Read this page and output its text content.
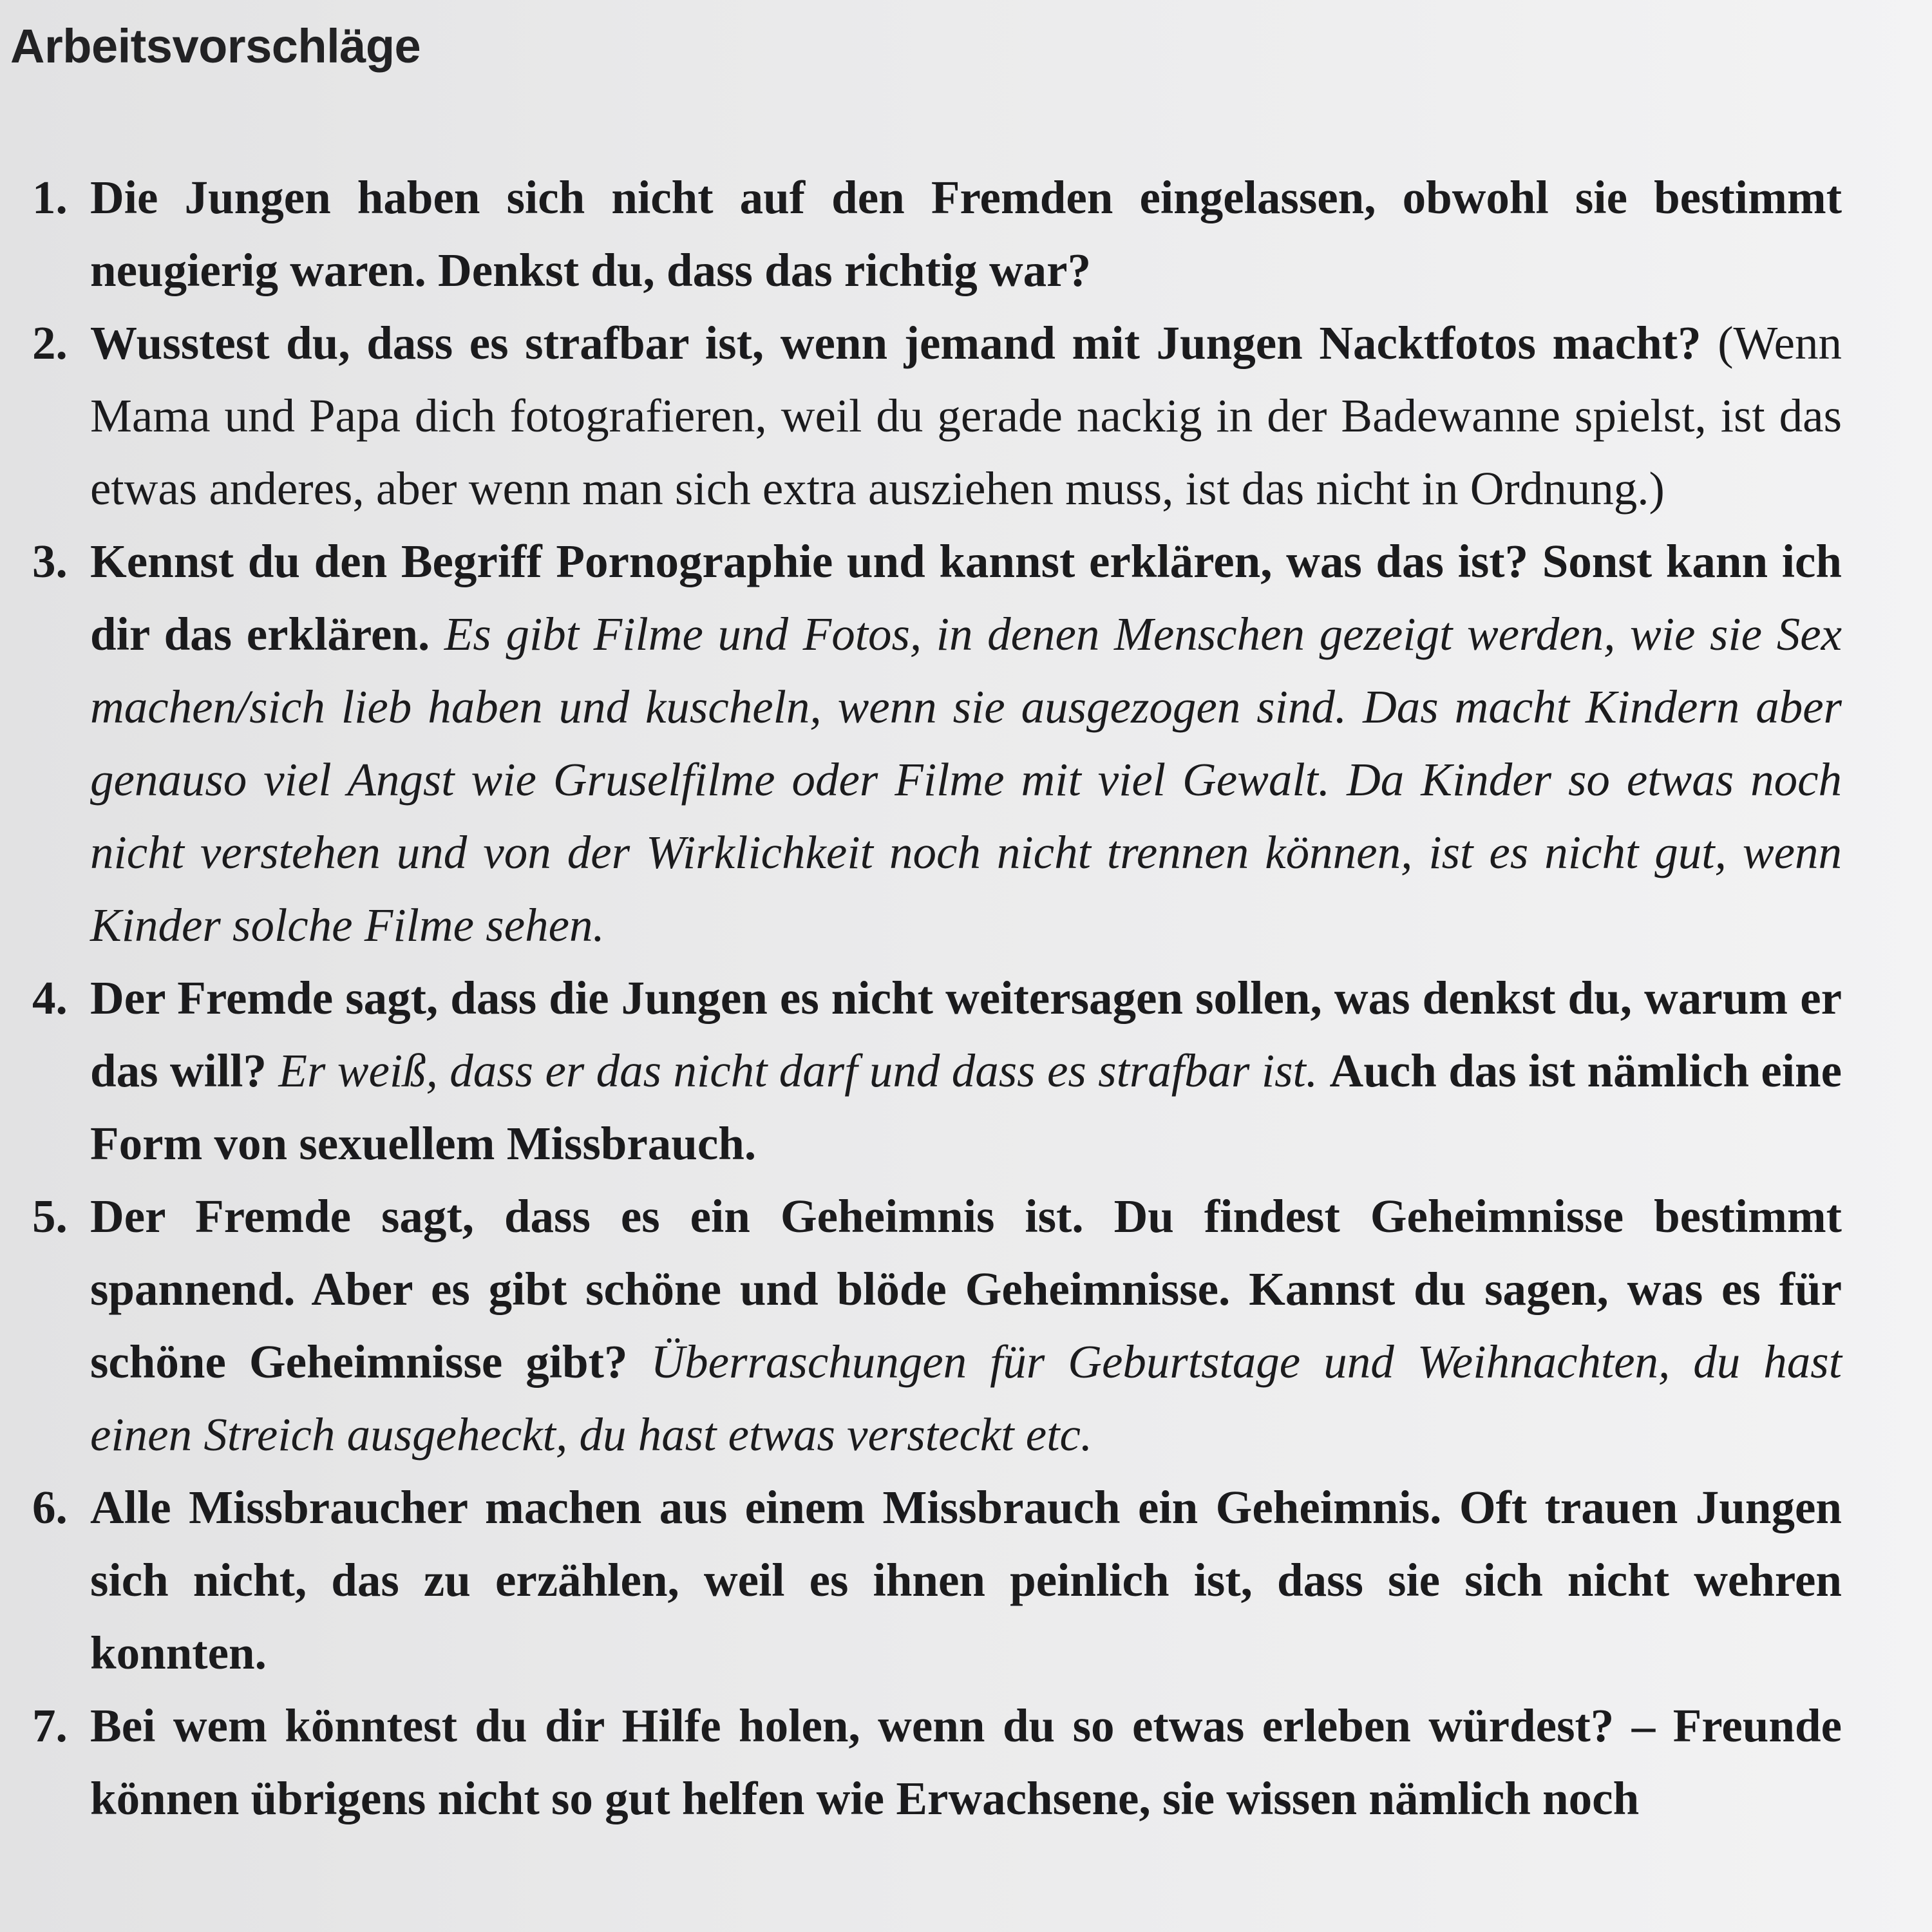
Arbeitsvorschläge
1. Die Jungen haben sich nicht auf den Fremden eingelassen, obwohl sie bestimmt neugierig waren. Denkst du, dass das richtig war?
2. Wusstest du, dass es strafbar ist, wenn jemand mit Jungen Nacktfotos macht? (Wenn Mama und Papa dich fotografieren, weil du gerade nackig in der Badewanne spielst, ist das etwas anderes, aber wenn man sich extra ausziehen muss, ist das nicht in Ordnung.)
3. Kennst du den Begriff Pornographie und kannst erklären, was das ist? Sonst kann ich dir das erklären. Es gibt Filme und Fotos, in denen Menschen gezeigt werden, wie sie Sex machen/sich lieb haben und kuscheln, wenn sie ausgezogen sind. Das macht Kindern aber genauso viel Angst wie Gruselfilme oder Filme mit viel Gewalt. Da Kinder so etwas noch nicht verstehen und von der Wirklichkeit noch nicht trennen können, ist es nicht gut, wenn Kinder solche Filme sehen.
4. Der Fremde sagt, dass die Jungen es nicht weitersagen sollen, was denkst du, warum er das will? Er weiß, dass er das nicht darf und dass es strafbar ist. Auch das ist nämlich eine Form von sexuellem Missbrauch.
5. Der Fremde sagt, dass es ein Geheimnis ist. Du findest Geheimnisse bestimmt spannend. Aber es gibt schöne und blöde Geheimnisse. Kannst du sagen, was es für schöne Geheimnisse gibt? Überraschungen für Geburtstage und Weihnachten, du hast einen Streich ausgeheckt, du hast etwas versteckt etc.
6. Alle Missbraucher machen aus einem Missbrauch ein Geheimnis. Oft trauen Jungen sich nicht, das zu erzählen, weil es ihnen peinlich ist, dass sie sich nicht wehren konnten.
7. Bei wem könntest du dir Hilfe holen, wenn du so etwas erleben würdest? – Freunde können übrigens nicht so gut helfen wie Erwachsene, sie wissen nämlich noch
